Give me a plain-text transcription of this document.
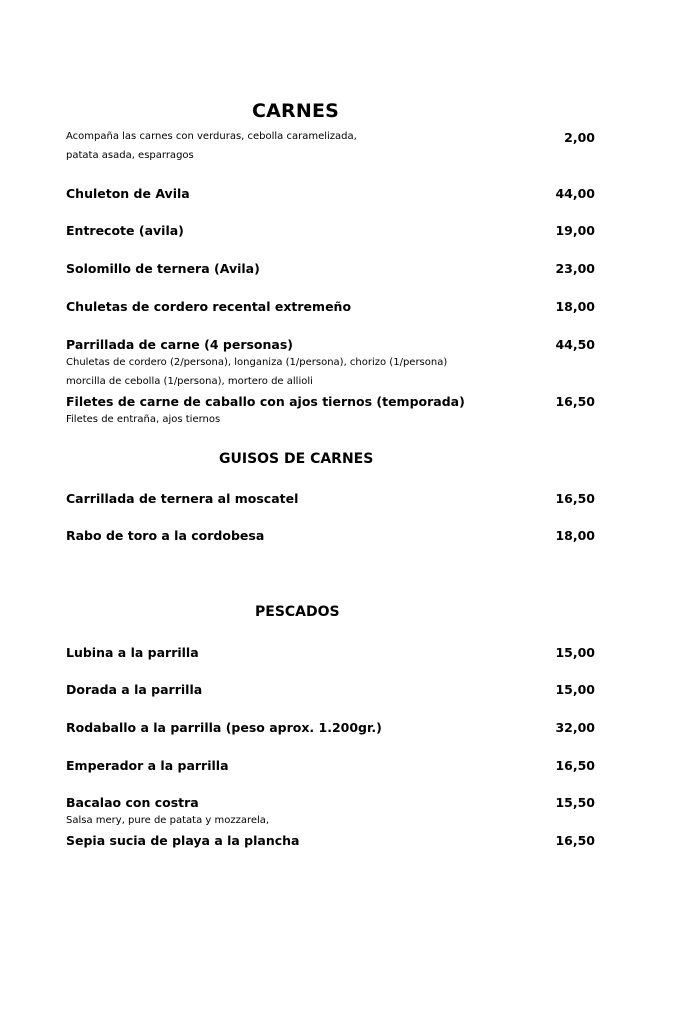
CARNES
Acompaña las carnes con verduras, cebolla caramelizada,	2,00
patata asada, esparragos
Chuleton de Avila	44,00
Entrecote (avila)	19,00
Solomillo de ternera (Avila)	23,00
Chuletas de cordero recental extremeño	18,00
Parrillada de carne (4 personas)	44,50
Chuletas de cordero (2/persona), longaniza (1/persona), chorizo (1/persona)
morcilla de cebolla (1/persona), mortero de allioli
Filetes de carne de caballo con ajos tiernos (temporada)	16,50
Filetes de entraña, ajos tiernos
GUISOS DE CARNES
Carrillada de ternera al moscatel	16,50
Rabo de toro a la cordobesa	18,00
PESCADOS
Lubina a la parrilla	15,00
Dorada a la parrilla	15,00
Rodaballo a la parrilla (peso aprox. 1.200gr.)	32,00
Emperador a la parrilla	16,50
Bacalao con costra	15,50
Salsa mery, pure de patata y mozzarela,
Sepia sucia de playa a la plancha	16,50
